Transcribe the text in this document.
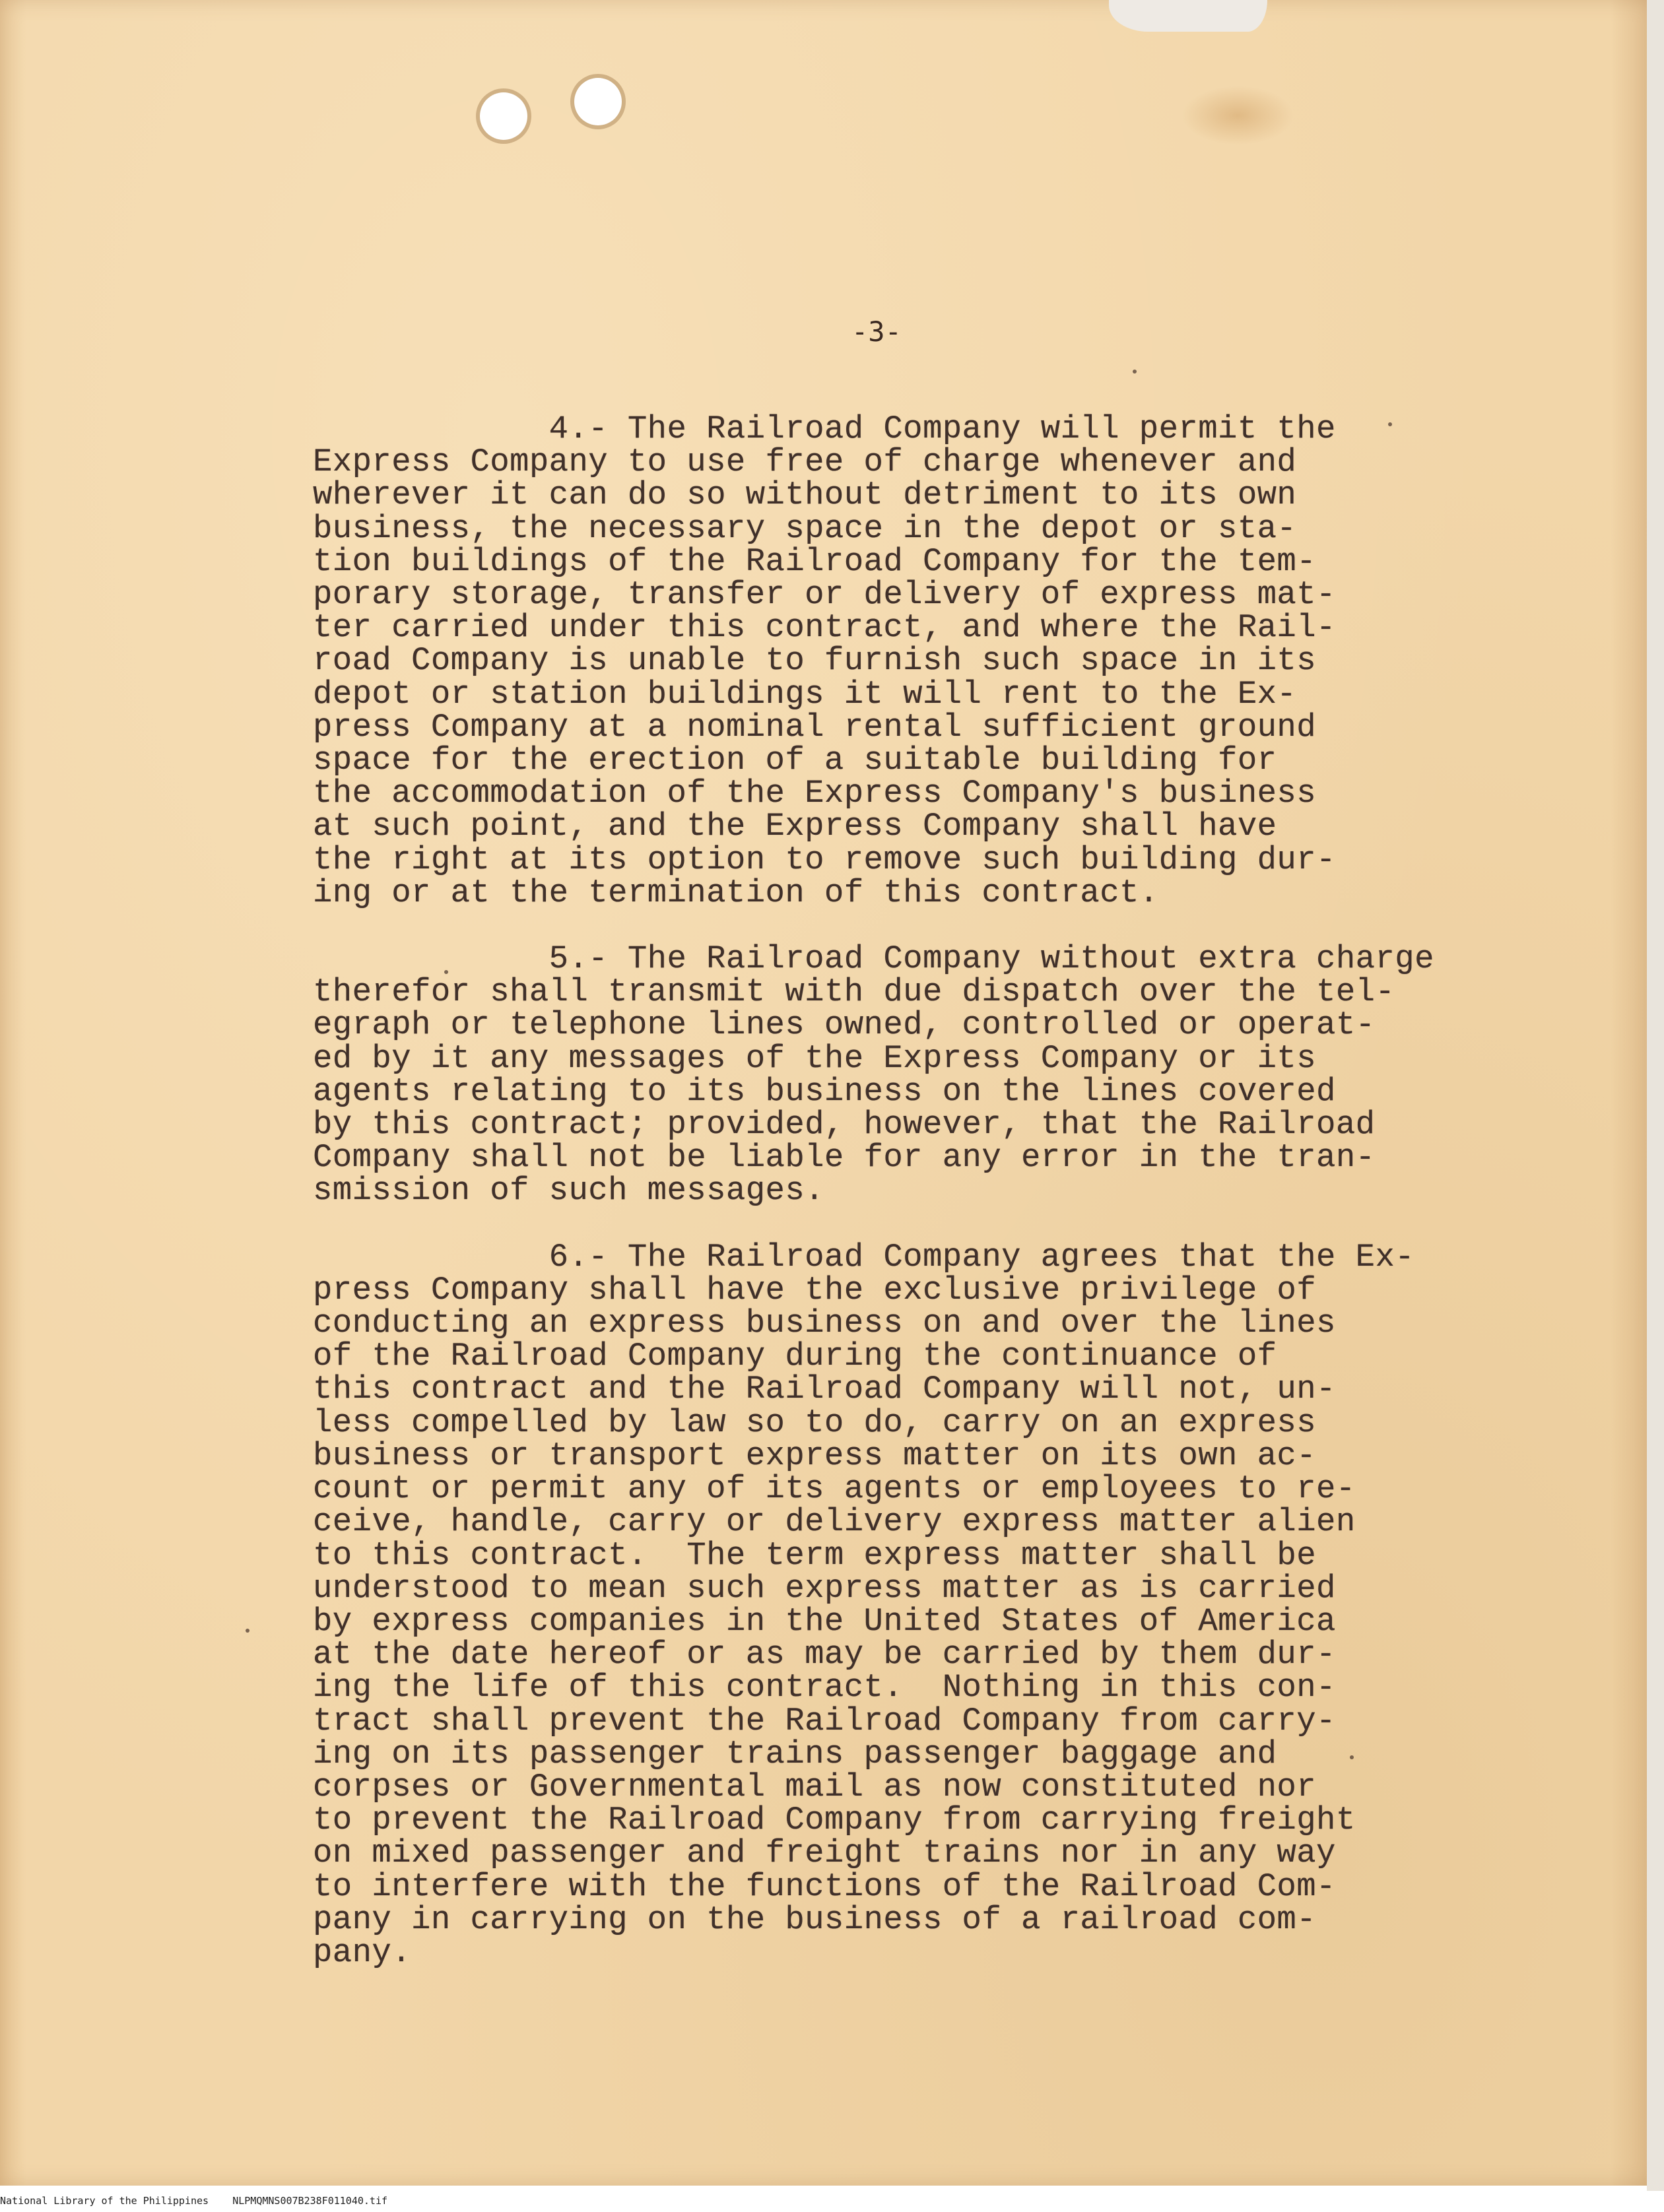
-3-

4.- The Railroad Company will permit the
Express Company to use free of charge whenever and
wherever it can do so without detriment to its own
business, the necessary space in the depot or sta-
tion buildings of the Railroad Company for the tem-
porary storage, transfer or delivery of express mat-
ter carried under this contract, and where the Rail-
road Company is unable to furnish such space in its
depot or station buildings it will rent to the Ex-
press Company at a nominal rental sufficient ground
space for the erection of a suitable building for
the accommodation of the Express Company's business
at such point, and the Express Company shall have
the right at its option to remove such building dur-
ing or at the termination of this contract.

5.- The Railroad Company without extra charge
therefor shall transmit with due dispatch over the tel-
egraph or telephone lines owned, controlled or operat-
ed by it any messages of the Express Company or its
agents relating to its business on the lines covered
by this contract; provided, however, that the Railroad
Company shall not be liable for any error in the tran-
smission of such messages.

6.- The Railroad Company agrees that the Ex-
press Company shall have the exclusive privilege of
conducting an express business on and over the lines
of the Railroad Company during the continuance of
this contract and the Railroad Company will not, un-
less compelled by law so to do, carry on an express
business or transport express matter on its own ac-
count or permit any of its agents or employees to re-
ceive, handle, carry or delivery express matter alien
to this contract.  The term express matter shall be
understood to mean such express matter as is carried
by express companies in the United States of America
at the date hereof or as may be carried by them dur-
ing the life of this contract.  Nothing in this con-
tract shall prevent the Railroad Company from carry-
ing on its passenger trains passenger baggage and
corpses or Governmental mail as now constituted nor
to prevent the Railroad Company from carrying freight
on mixed passenger and freight trains nor in any way
to interfere with the functions of the Railroad Com-
pany in carrying on the business of a railroad com-
pany.

National Library of the Philippines    NLPMQMNS007B238F011040.tif
